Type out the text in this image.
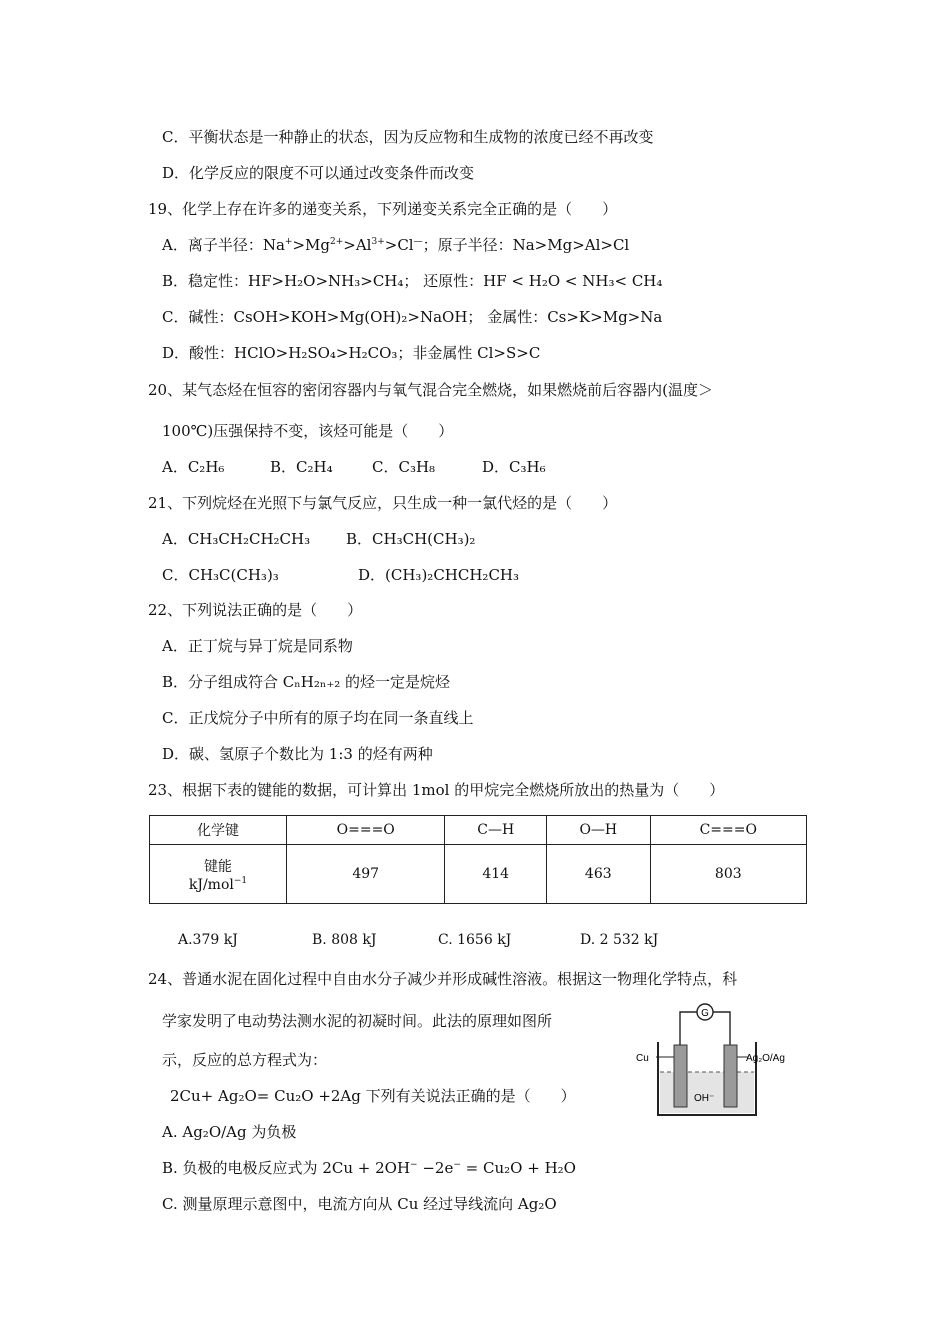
C．平衡状态是一种静止的状态，因为反应物和生成物的浓度已经不再改变
D．化学反应的限度不可以通过改变条件而改变
19、化学上存在许多的递变关系，下列递变关系完全正确的是（　　）
A．离子半径：$Na^+>Mg^{2+}>Al^{3+}>Cl^—$；原子半径：Na>Mg>Al>Cl
B．稳定性：HF>H₂O>NH₃>CH₄； 还原性：HF < H₂O < NH₃< CH₄
C．碱性：CsOH>KOH>Mg(OH)₂>NaOH； 金属性：Cs>K>Mg>Na
D．酸性：HClO>H₂SO₄>H₂CO₃；非金属性 Cl>S>C
20、某气态烃在恒容的密闭容器内与氧气混合完全燃烧，如果燃烧前后容器内(温度＞
100℃)压强保持不变，该烃可能是（　　）
A．C₂H₆	B．C₂H₄	C．C₃H₈	D．C₃H₆
21、下列烷烃在光照下与氯气反应，只生成一种一氯代烃的是（　　）
A．CH₃CH₂CH₂CH₃ B．CH₃CH(CH₃)₂
C．CH₃C(CH₃)₃	D．(CH₃)₂CHCH₂CH₃
22、下列说法正确的是（　　）
A．正丁烷与异丁烷是同系物
B．分子组成符合 CₙH₂ₙ₊₂ 的烃一定是烷烃
C．正戊烷分子中所有的原子均在同一条直线上
D．碳、氢原子个数比为 1:3 的烃有两种
23、根据下表的键能的数据，可计算出 1mol 的甲烷完全燃烧所放出的热量为（　　）
化学键	O===O	C—H	O—H	C===O

键能
kJ/mol$^{-1}$	497	414	463	803
A.379 kJ	B. 808 kJ	C. 1656 kJ	D. 2 532 kJ
24、普通水泥在固化过程中自由水分子减少并形成碱性溶液。根据这一物理化学特点，科
学家发明了电动势法测水泥的初凝时间。此法的原理如图所
示，反应的总方程式为：
2Cu+ Ag₂O= Cu₂O +2Ag 下列有关说法正确的是（　　）
A. Ag₂O/Ag 为负极
B. 负极的电极反应式为 2Cu + 2OH− −2e− = Cu₂O + H₂O
C. 测量原理示意图中，电流方向从 Cu 经过导线流向 Ag₂O
G
Cu	Ag₂O/Ag
OH⁻
